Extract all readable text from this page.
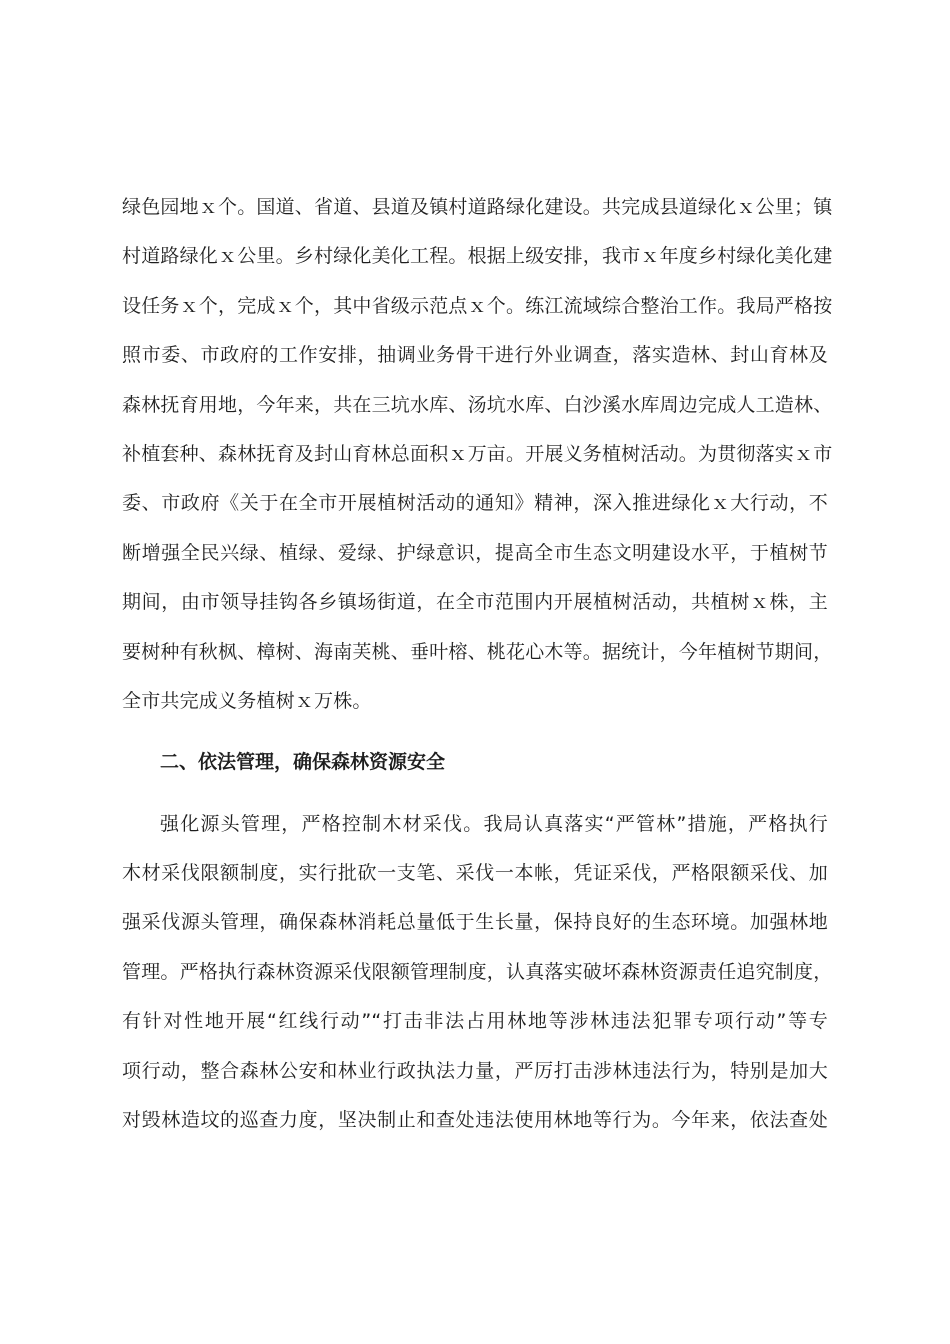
绿色园地ｘ个。国道、省道、县道及镇村道路绿化建设。共完成县道绿化ｘ公里；镇
村道路绿化ｘ公里。乡村绿化美化工程。根据上级安排，我市ｘ年度乡村绿化美化建
设任务ｘ个，完成ｘ个，其中省级示范点ｘ个。练江流域综合整治工作。我局严格按
照市委、市政府的工作安排，抽调业务骨干进行外业调查，落实造林、封山育林及
森林抚育用地，今年来，共在三坑水库、汤坑水库、白沙溪水库周边完成人工造林、
补植套种、森林抚育及封山育林总面积ｘ万亩。开展义务植树活动。为贯彻落实ｘ市
委、市政府《关于在全市开展植树活动的通知》精神，深入推进绿化ｘ大行动，不
断增强全民兴绿、植绿、爱绿、护绿意识，提高全市生态文明建设水平，于植树节
期间，由市领导挂钩各乡镇场街道，在全市范围内开展植树活动，共植树ｘ株，主
要树种有秋枫、樟树、海南芙桃、垂叶榕、桃花心木等。据统计，今年植树节期间，
全市共完成义务植树ｘ万株。
二、依法管理，确保森林资源安全
强化源头管理，严格控制木材采伐。我局认真落实“严管林”措施，严格执行
木材采伐限额制度，实行批砍一支笔、采伐一本帐，凭证采伐，严格限额采伐、加
强采伐源头管理，确保森林消耗总量低于生长量，保持良好的生态环境。加强林地
管理。严格执行森林资源采伐限额管理制度，认真落实破坏森林资源责任追究制度，
有针对性地开展“红线行动”“打击非法占用林地等涉林违法犯罪专项行动”等专
项行动，整合森林公安和林业行政执法力量，严厉打击涉林违法行为，特别是加大
对毁林造坟的巡查力度，坚决制止和查处违法使用林地等行为。今年来，依法查处
